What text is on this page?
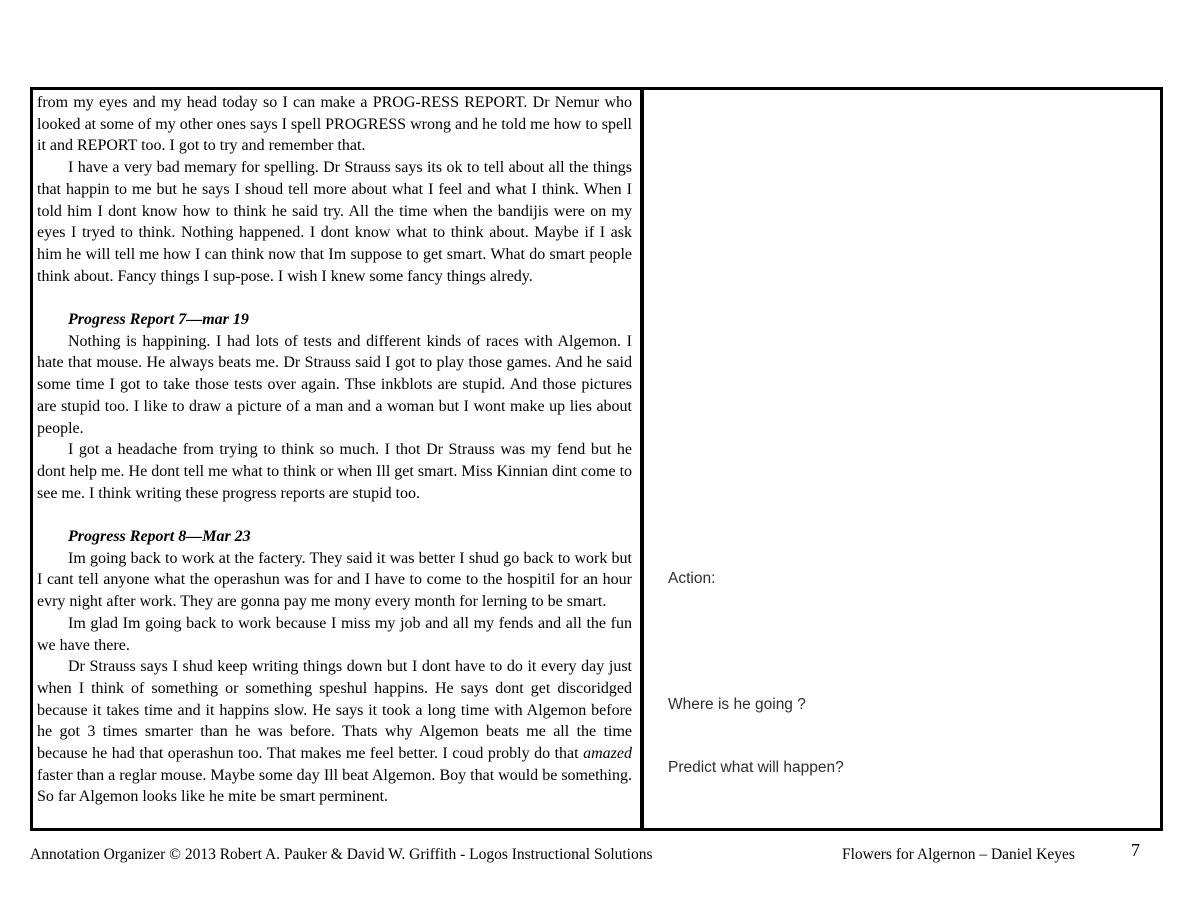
from my eyes and my head today so I can make a PROG-RESS REPORT. Dr Nemur who looked at some of my other ones says I spell PROGRESS wrong and he told me how to spell it and REPORT too. I got to try and remember that.

I have a very bad memary for spelling. Dr Strauss says its ok to tell about all the things that happin to me but he says I shoud tell more about what I feel and what I think. When I told him I dont know how to think he said try. All the time when the bandijis were on my eyes I tryed to think. Nothing happened. I dont know what to think about. Maybe if I ask him he will tell me how I can think now that Im suppose to get smart. What do smart people think about. Fancy things I sup-pose. I wish I knew some fancy things alredy.

Progress Report 7—mar 19

Nothing is happining. I had lots of tests and different kinds of races with Algemon. I hate that mouse. He always beats me. Dr Strauss said I got to play those games. And he said some time I got to take those tests over again. Thse inkblots are stupid. And those pictures are stupid too. I like to draw a picture of a man and a woman but I wont make up lies about people.

I got a headache from trying to think so much. I thot Dr Strauss was my fend but he dont help me. He dont tell me what to think or when Ill get smart. Miss Kinnian dint come to see me. I think writing these progress reports are stupid too.

Progress Report 8—Mar 23

Im going back to work at the factery. They said it was better I shud go back to work but I cant tell anyone what the operashun was for and I have to come to the hospitil for an hour evry night after work. They are gonna pay me mony every month for lerning to be smart.

Im glad Im going back to work because I miss my job and all my fends and all the fun we have there.

Dr Strauss says I shud keep writing things down but I dont have to do it every day just when I think of something or something speshul happins. He says dont get discoridged because it takes time and it happins slow. He says it took a long time with Algemon before he got 3 times smarter than he was before. Thats why Algemon beats me all the time because he had that operashun too. That makes me feel better. I coud probly do that amazed faster than a reglar mouse. Maybe some day Ill beat Algemon. Boy that would be something. So far Algemon looks like he mite be smart perminent.

Action:
Where is he going ?
Predict what will happen?
Annotation Organizer © 2013 Robert A. Pauker & David W. Griffith - Logos Instructional Solutions	Flowers for Algernon – Daniel Keyes	7
